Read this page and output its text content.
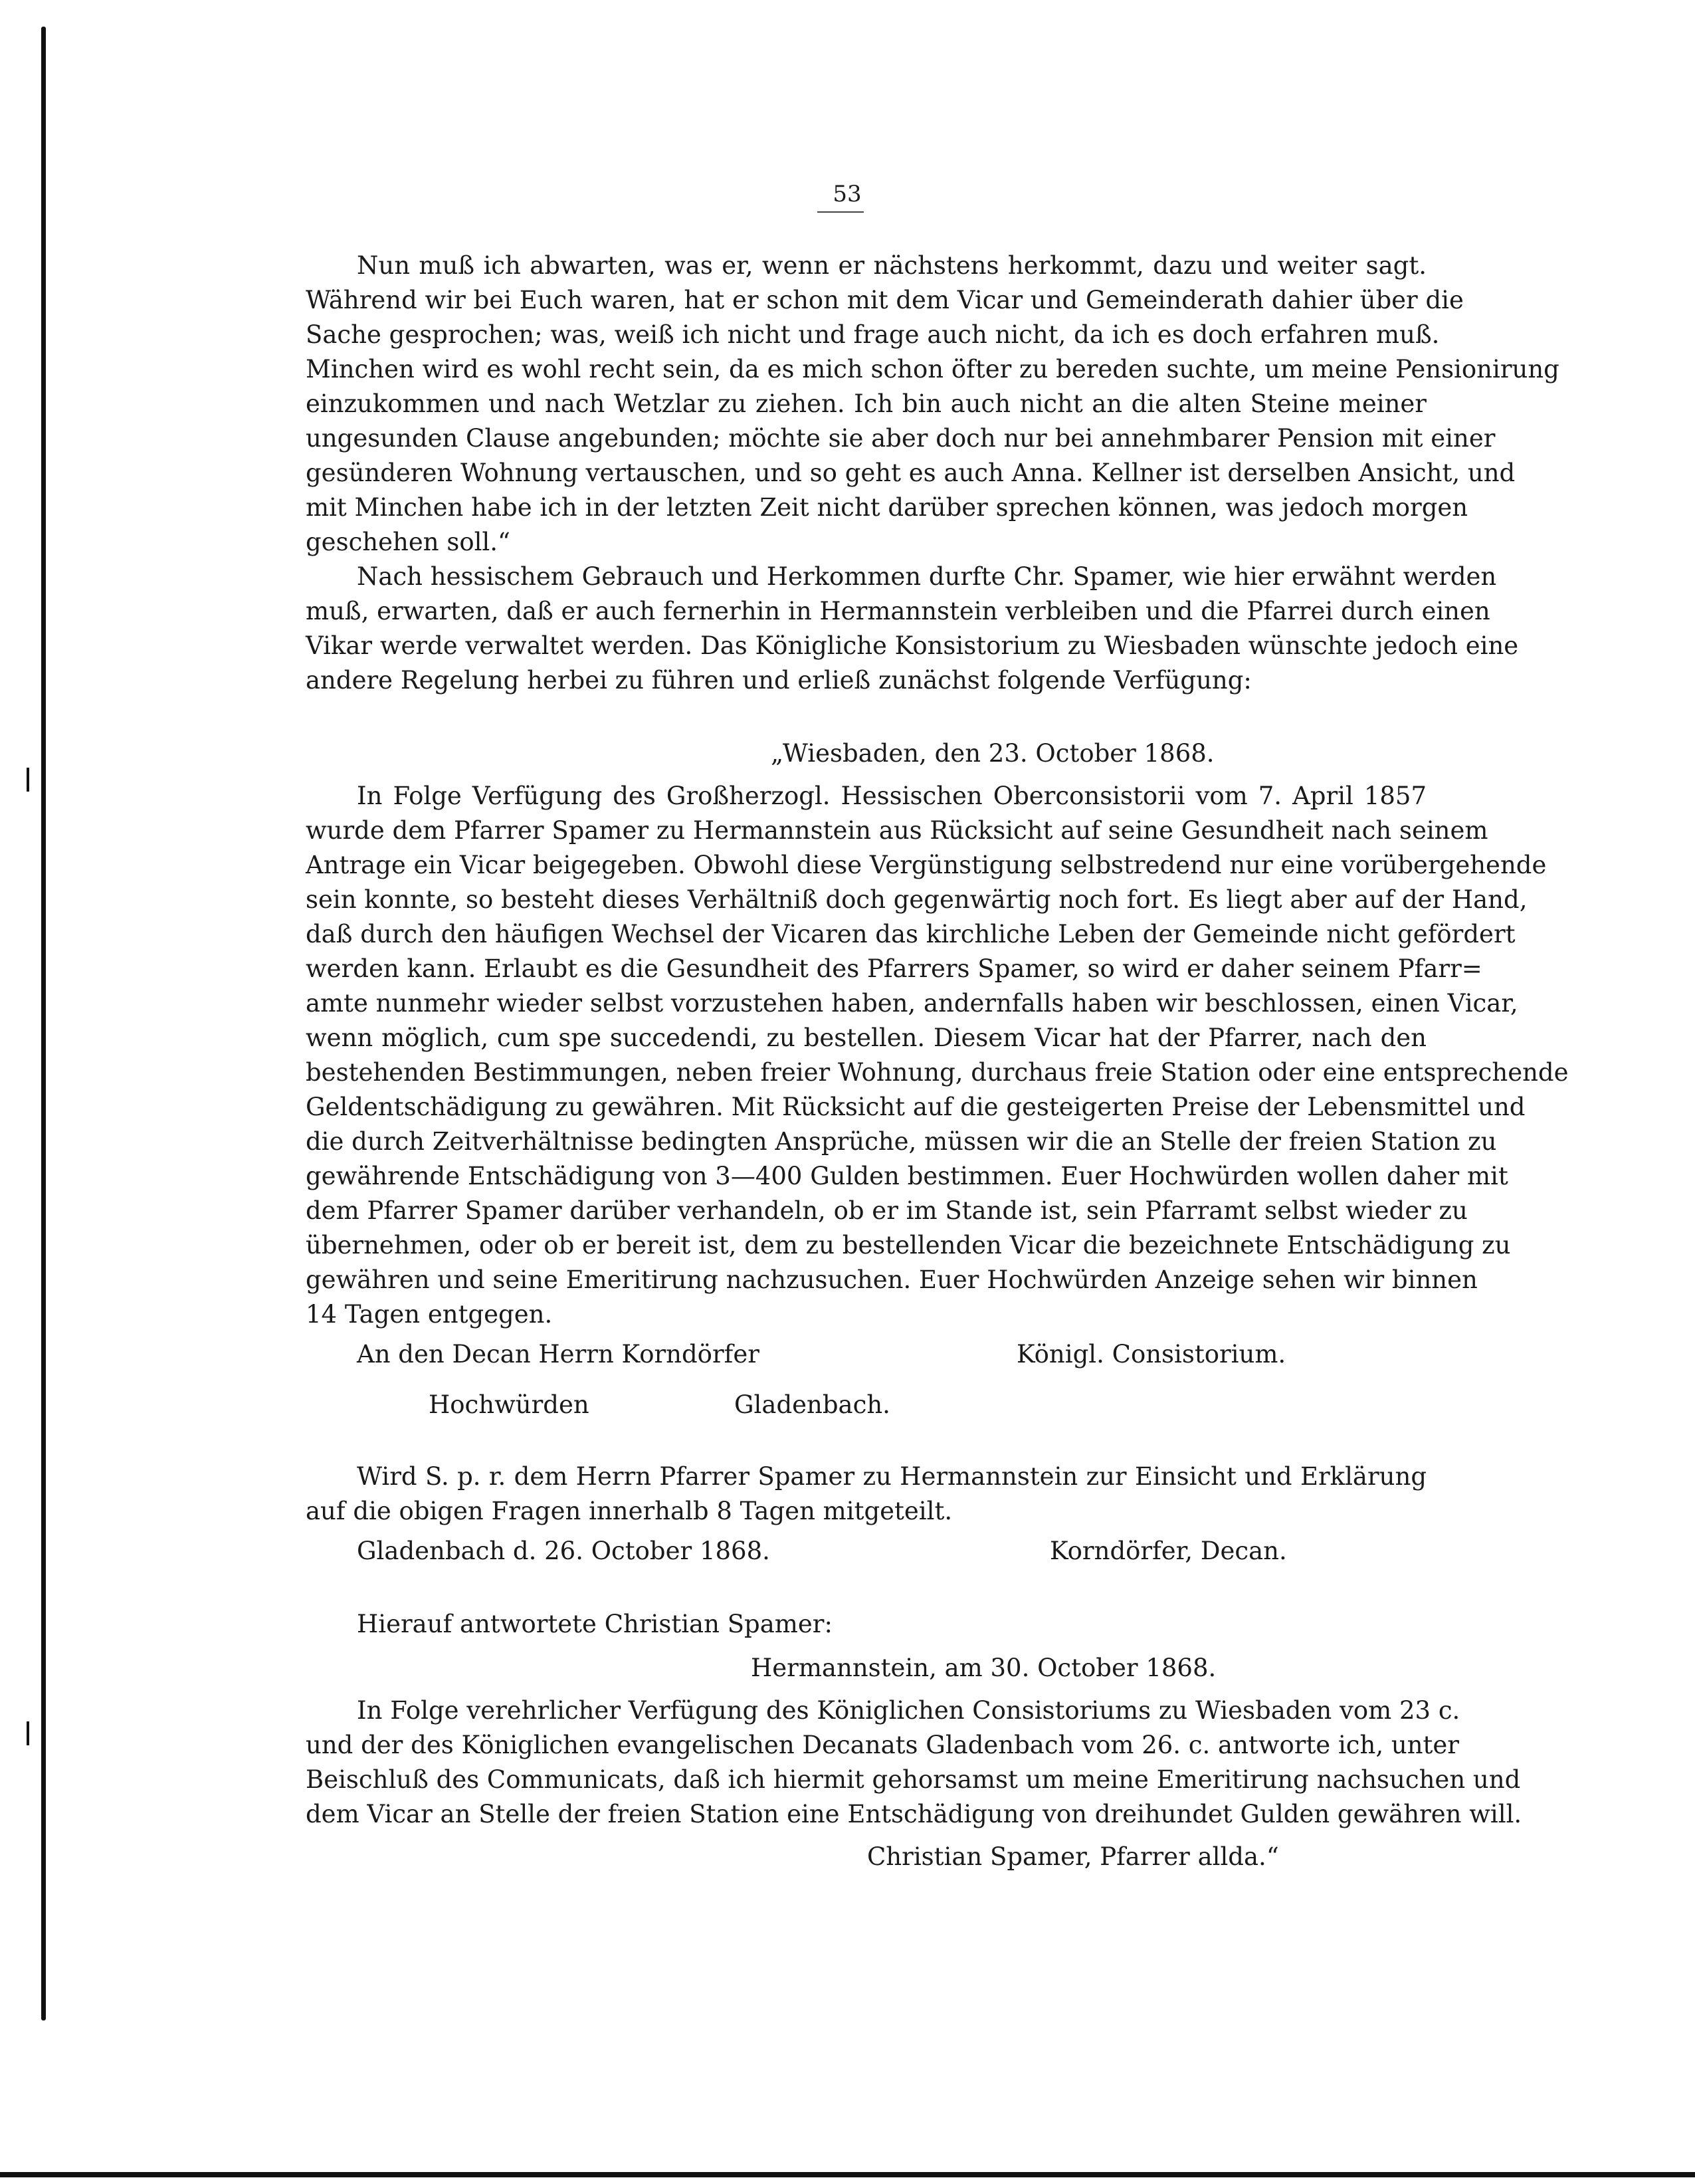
53
Nun muß ich abwarten, was er, wenn er nächstens herkommt, dazu und weiter sagt.
Während wir bei Euch waren, hat er schon mit dem Vicar und Gemeinderath dahier über die
Sache gesprochen; was, weiß ich nicht und frage auch nicht, da ich es doch erfahren muß.
Minchen wird es wohl recht sein, da es mich schon öfter zu bereden suchte, um meine Pensionirung
einzukommen und nach Wetzlar zu ziehen. Ich bin auch nicht an die alten Steine meiner
ungesunden Clause angebunden; möchte sie aber doch nur bei annehmbarer Pension mit einer
gesünderen Wohnung vertauschen, und so geht es auch Anna. Kellner ist derselben Ansicht, und
mit Minchen habe ich in der letzten Zeit nicht darüber sprechen können, was jedoch morgen
geschehen soll.“
Nach hessischem Gebrauch und Herkommen durfte Chr. Spamer, wie hier erwähnt werden
muß, erwarten, daß er auch fernerhin in Hermannstein verbleiben und die Pfarrei durch einen
Vikar werde verwaltet werden. Das Königliche Konsistorium zu Wiesbaden wünschte jedoch eine
andere Regelung herbei zu führen und erließ zunächst folgende Verfügung:
„Wiesbaden, den 23. October 1868.
In Folge Verfügung des Großherzogl. Hessischen Oberconsistorii vom 7. April 1857
wurde dem Pfarrer Spamer zu Hermannstein aus Rücksicht auf seine Gesundheit nach seinem
Antrage ein Vicar beigegeben. Obwohl diese Vergünstigung selbstredend nur eine vorübergehende
sein konnte, so besteht dieses Verhältniß doch gegenwärtig noch fort. Es liegt aber auf der Hand,
daß durch den häufigen Wechsel der Vicaren das kirchliche Leben der Gemeinde nicht gefördert
werden kann. Erlaubt es die Gesundheit des Pfarrers Spamer, so wird er daher seinem Pfarr=
amte nunmehr wieder selbst vorzustehen haben, andernfalls haben wir beschlossen, einen Vicar,
wenn möglich, cum spe succedendi, zu bestellen. Diesem Vicar hat der Pfarrer, nach den
bestehenden Bestimmungen, neben freier Wohnung, durchaus freie Station oder eine entsprechende
Geldentschädigung zu gewähren. Mit Rücksicht auf die gesteigerten Preise der Lebensmittel und
die durch Zeitverhältnisse bedingten Ansprüche, müssen wir die an Stelle der freien Station zu
gewährende Entschädigung von 3—400 Gulden bestimmen. Euer Hochwürden wollen daher mit
dem Pfarrer Spamer darüber verhandeln, ob er im Stande ist, sein Pfarramt selbst wieder zu
übernehmen, oder ob er bereit ist, dem zu bestellenden Vicar die bezeichnete Entschädigung zu
gewähren und seine Emeritirung nachzusuchen. Euer Hochwürden Anzeige sehen wir binnen
14 Tagen entgegen.
An den Decan Herrn Korndörfer	Königl. Consistorium.
Hochwürden	Gladenbach.
Wird S. p. r. dem Herrn Pfarrer Spamer zu Hermannstein zur Einsicht und Erklärung
auf die obigen Fragen innerhalb 8 Tagen mitgeteilt.
Gladenbach d. 26. October 1868.	Korndörfer, Decan.
Hierauf antwortete Christian Spamer:
Hermannstein, am 30. October 1868.
In Folge verehrlicher Verfügung des Königlichen Consistoriums zu Wiesbaden vom 23 c.
und der des Königlichen evangelischen Decanats Gladenbach vom 26. c. antworte ich, unter
Beischluß des Communicats, daß ich hiermit gehorsamst um meine Emeritirung nachsuchen und
dem Vicar an Stelle der freien Station eine Entschädigung von dreihundet Gulden gewähren will.
Christian Spamer, Pfarrer allda.“
